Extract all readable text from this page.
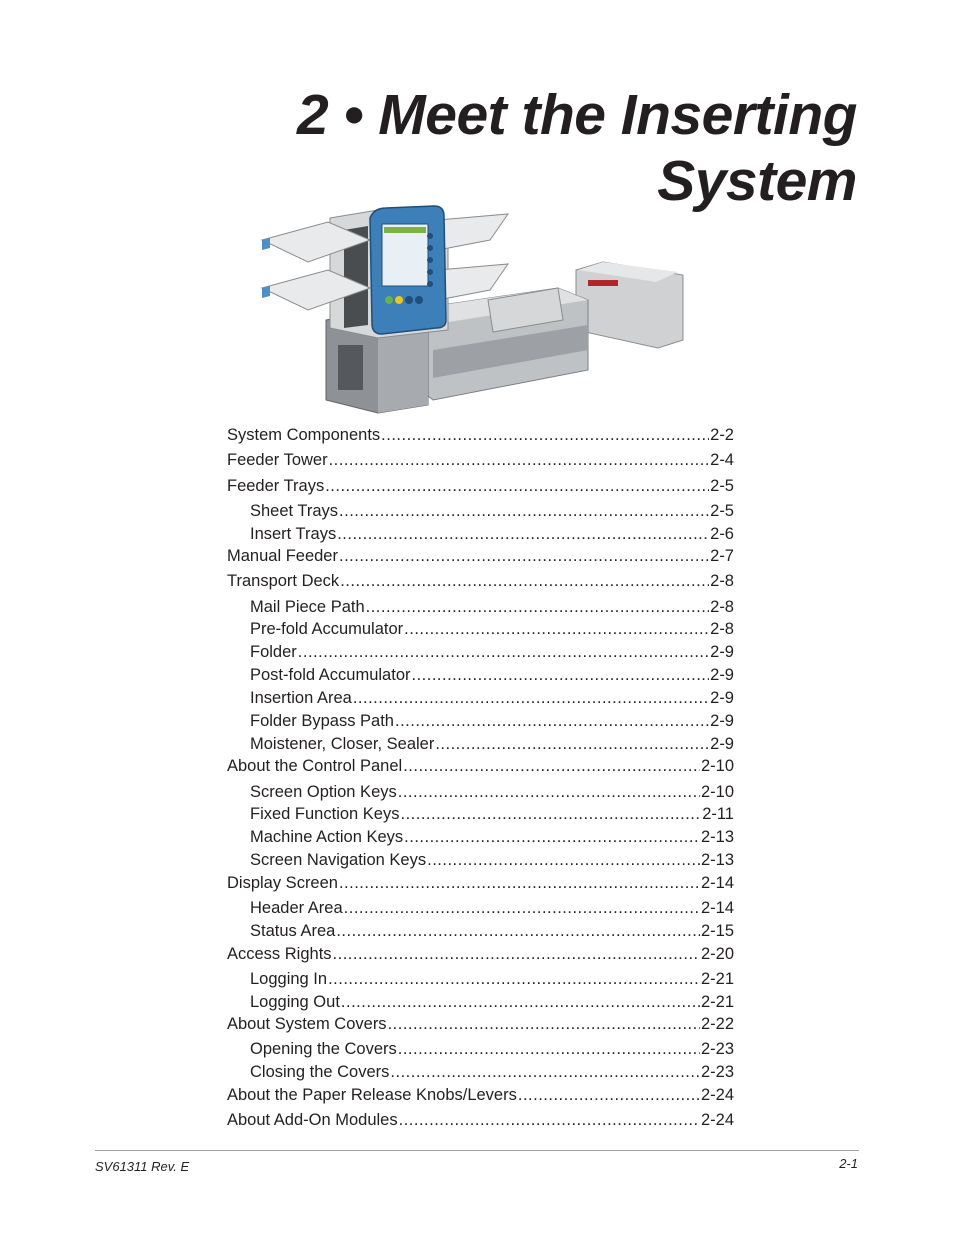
2 • Meet the Inserting
System
System Components .....	2-2
Feeder Tower .....	2-4
Feeder Trays .....	2-5
Sheet Trays .....	2-5
Insert Trays .....	2-6
Manual Feeder .....	2-7
Transport Deck .....	2-8
Mail Piece Path .....	2-8
Pre-fold Accumulator .....	2-8
Folder .....	2-9
Post-fold Accumulator .....	2-9
Insertion Area .....	2-9
Folder Bypass Path .....	2-9
Moistener, Closer, Sealer .....	2-9
About the Control Panel .....	2-10
Screen Option Keys .....	2-10
Fixed Function Keys .....	2-11
Machine Action Keys .....	2-13
Screen Navigation Keys .....	2-13
Display Screen .....	2-14
Header Area .....	2-14
Status Area .....	2-15
Access Rights .....	2-20
Logging In .....	2-21
Logging Out .....	2-21
About System Covers .....	2-22
Opening the Covers .....	2-23
Closing the Covers .....	2-23
About the Paper Release Knobs/Levers .....	2-24
About Add-On Modules .....	2-24
SV61311 Rev. E	2-1
